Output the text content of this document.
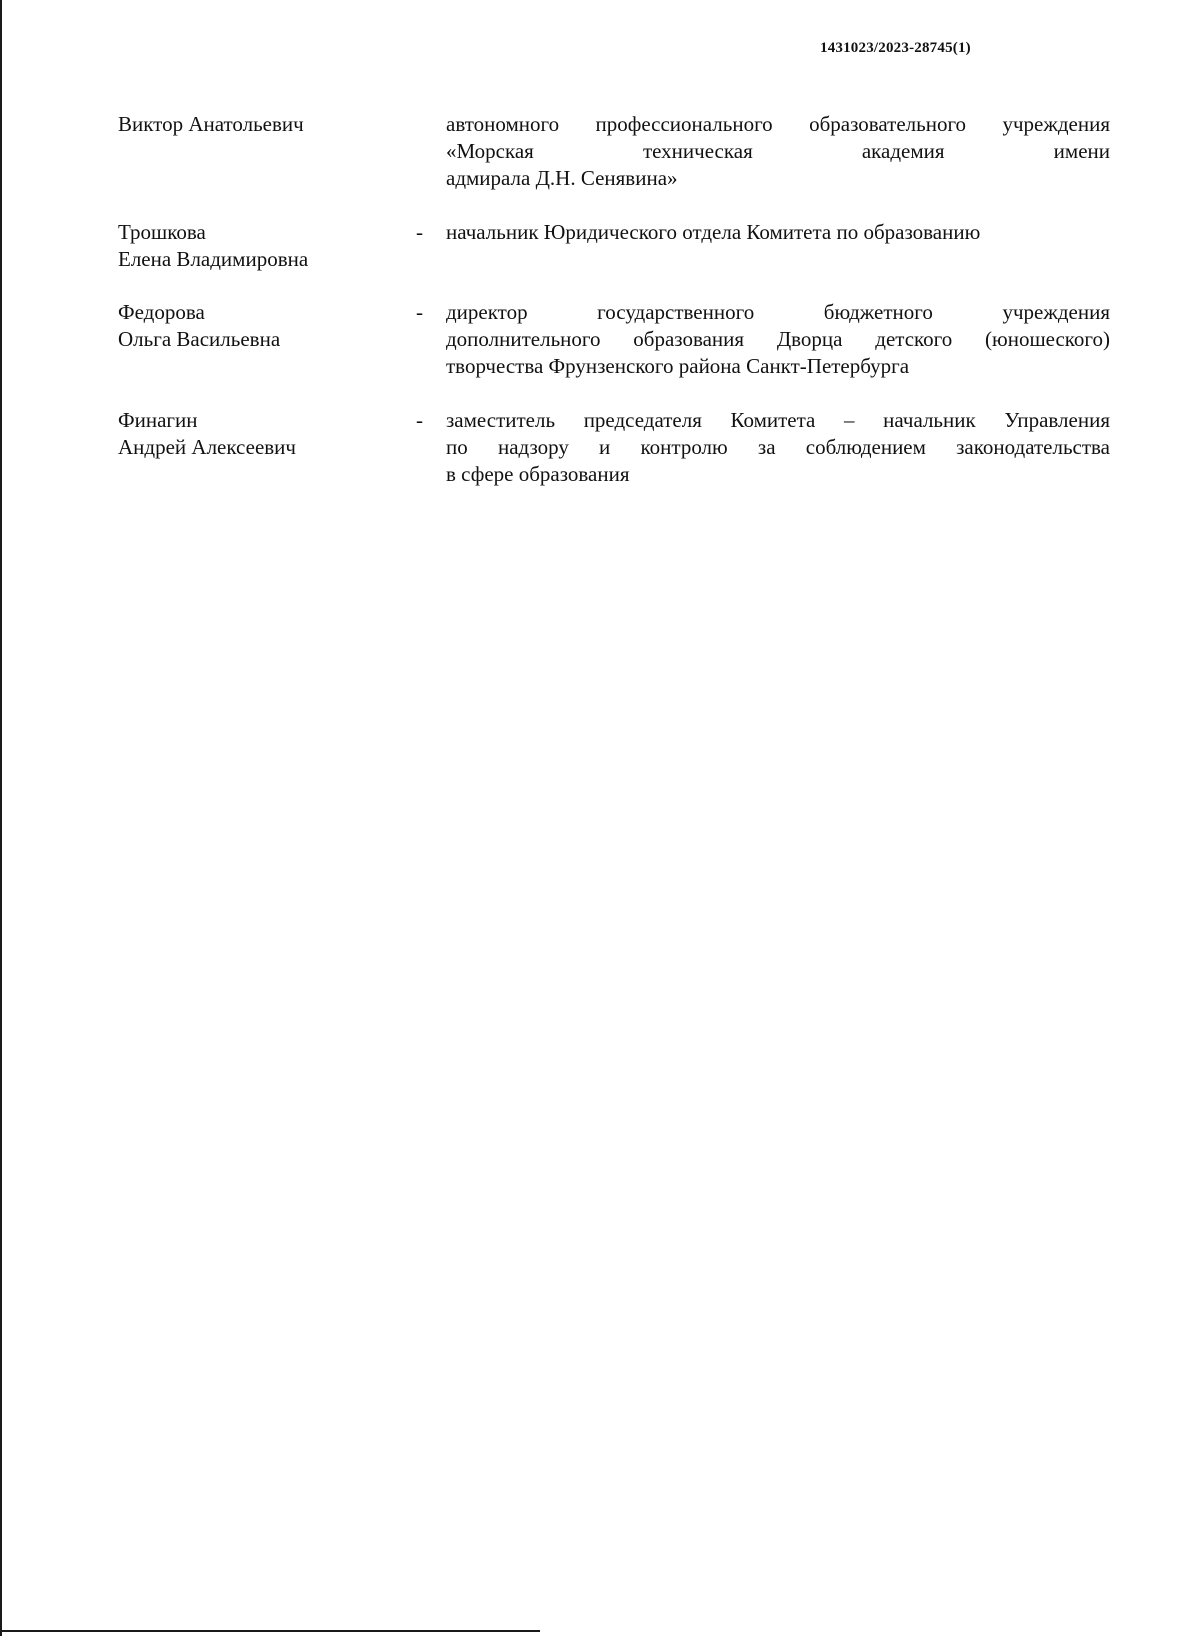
1431023/2023-28745(1)
Виктор Анатольевич	автономного профессионального образовательного учреждения
«Морская техническая академия имени
адмирала Д.Н. Сенявина»
Трошкова
Елена Владимировна
- начальник Юридического отдела Комитета по образованию
Федорова
Ольга Васильевна
- директор государственного бюджетного учреждения
дополнительного образования Дворца детского (юношеского)
творчества Фрунзенского района Санкт-Петербурга
Финагин
Андрей Алексеевич
- заместитель председателя Комитета – начальник Управления
по надзору и контролю за соблюдением законодательства
в сфере образования
